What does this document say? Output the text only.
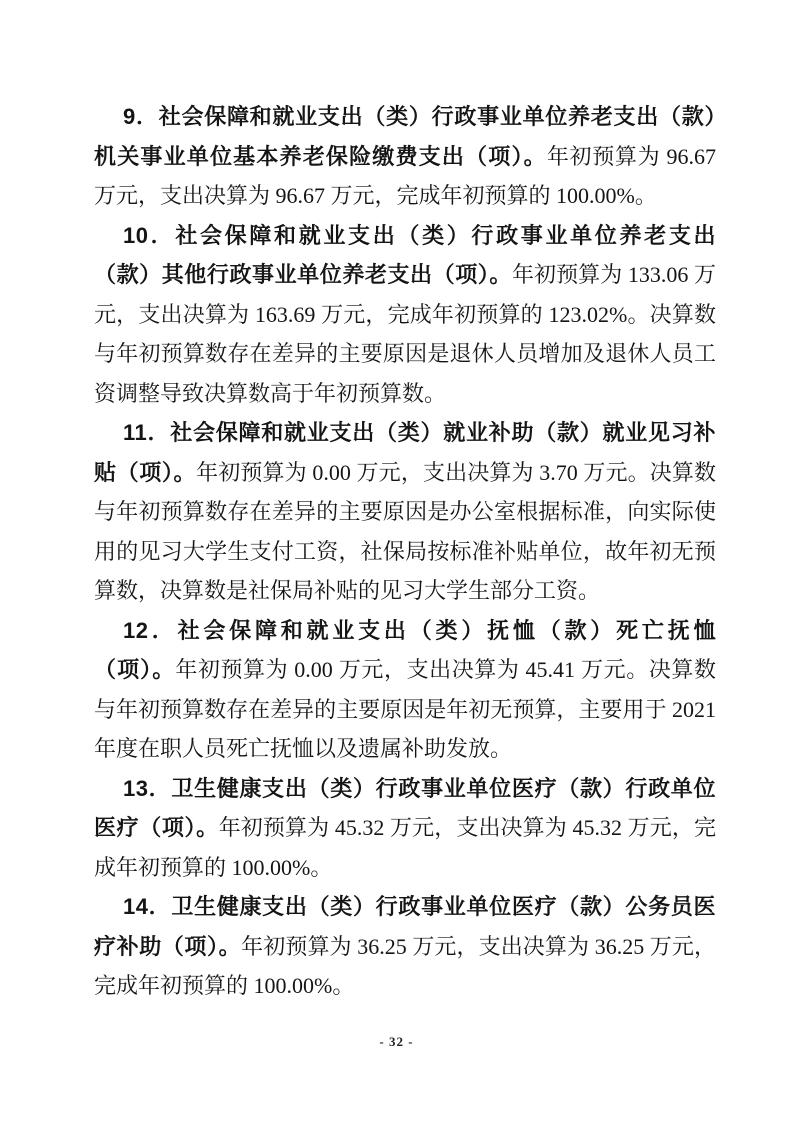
9．社会保障和就业支出（类）行政事业单位养老支出（款）机关事业单位基本养老保险缴费支出（项）。年初预算为 96.67 万元，支出决算为 96.67 万元，完成年初预算的 100.00%。

10．社会保障和就业支出（类）行政事业单位养老支出（款）其他行政事业单位养老支出（项）。年初预算为 133.06 万元，支出决算为 163.69 万元，完成年初预算的 123.02%。决算数与年初预算数存在差异的主要原因是退休人员增加及退休人员工资调整导致决算数高于年初预算数。

11．社会保障和就业支出（类）就业补助（款）就业见习补贴（项）。年初预算为 0.00 万元，支出决算为 3.70 万元。决算数与年初预算数存在差异的主要原因是办公室根据标准，向实际使用的见习大学生支付工资，社保局按标准补贴单位，故年初无预算数，决算数是社保局补贴的见习大学生部分工资。

12．社会保障和就业支出（类）抚恤（款）死亡抚恤（项）。年初预算为 0.00 万元，支出决算为 45.41 万元。决算数与年初预算数存在差异的主要原因是年初无预算，主要用于 2021 年度在职人员死亡抚恤以及遗属补助发放。

13．卫生健康支出（类）行政事业单位医疗（款）行政单位医疗（项）。年初预算为 45.32 万元，支出决算为 45.32 万元，完成年初预算的 100.00%。

14．卫生健康支出（类）行政事业单位医疗（款）公务员医疗补助（项）。年初预算为 36.25 万元，支出决算为 36.25 万元，完成年初预算的 100.00%。

- 32 -
